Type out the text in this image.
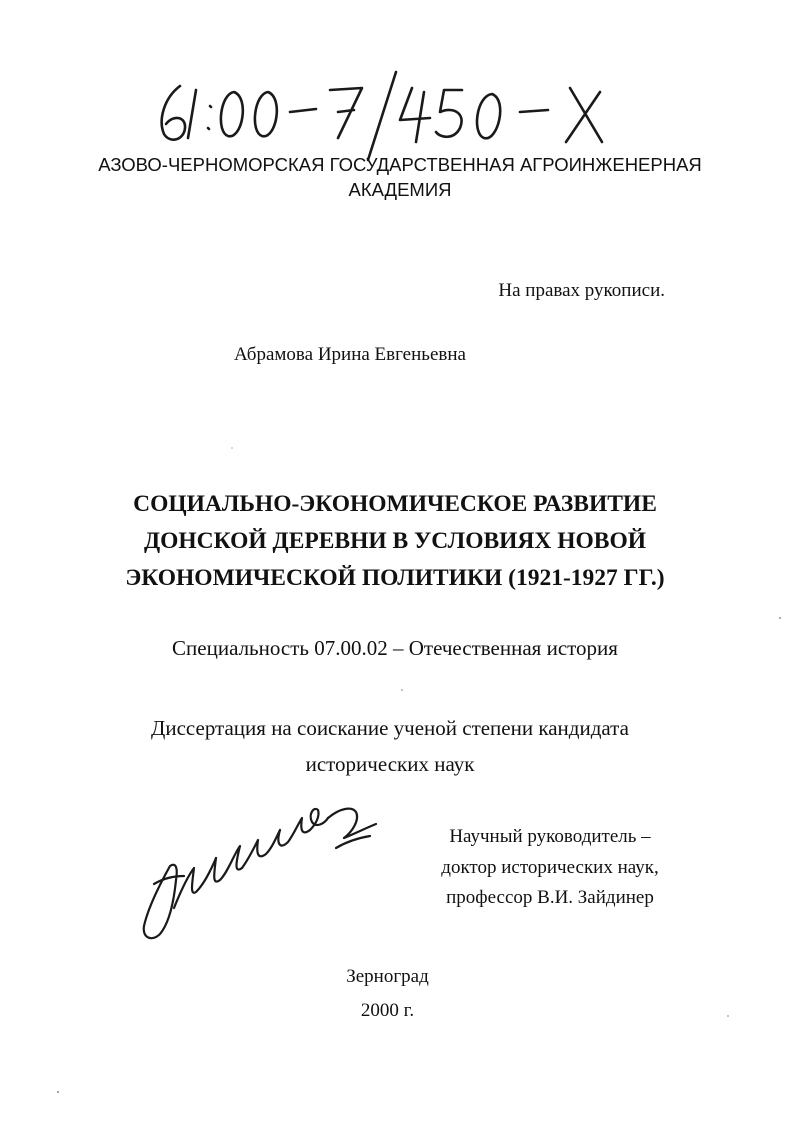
АЗОВО-ЧЕРНОМОРСКАЯ ГОСУДАРСТВЕННАЯ АГРОИНЖЕНЕРНАЯ
АКАДЕМИЯ
На правах рукописи.
Абрамова Ирина Евгеньевна
СОЦИАЛЬНО-ЭКОНОМИЧЕСКОЕ РАЗВИТИЕ
ДОНСКОЙ ДЕРЕВНИ В УСЛОВИЯХ НОВОЙ
ЭКОНОМИЧЕСКОЙ ПОЛИТИКИ (1921-1927 ГГ.)
Специальность 07.00.02 – Отечественная история
Диссертация на соискание ученой степени кандидата
исторических наук
Абрамова
Научный руководитель –
доктор исторических наук,
профессор В.И. Зайдинер
Зерноград
2000 г.
